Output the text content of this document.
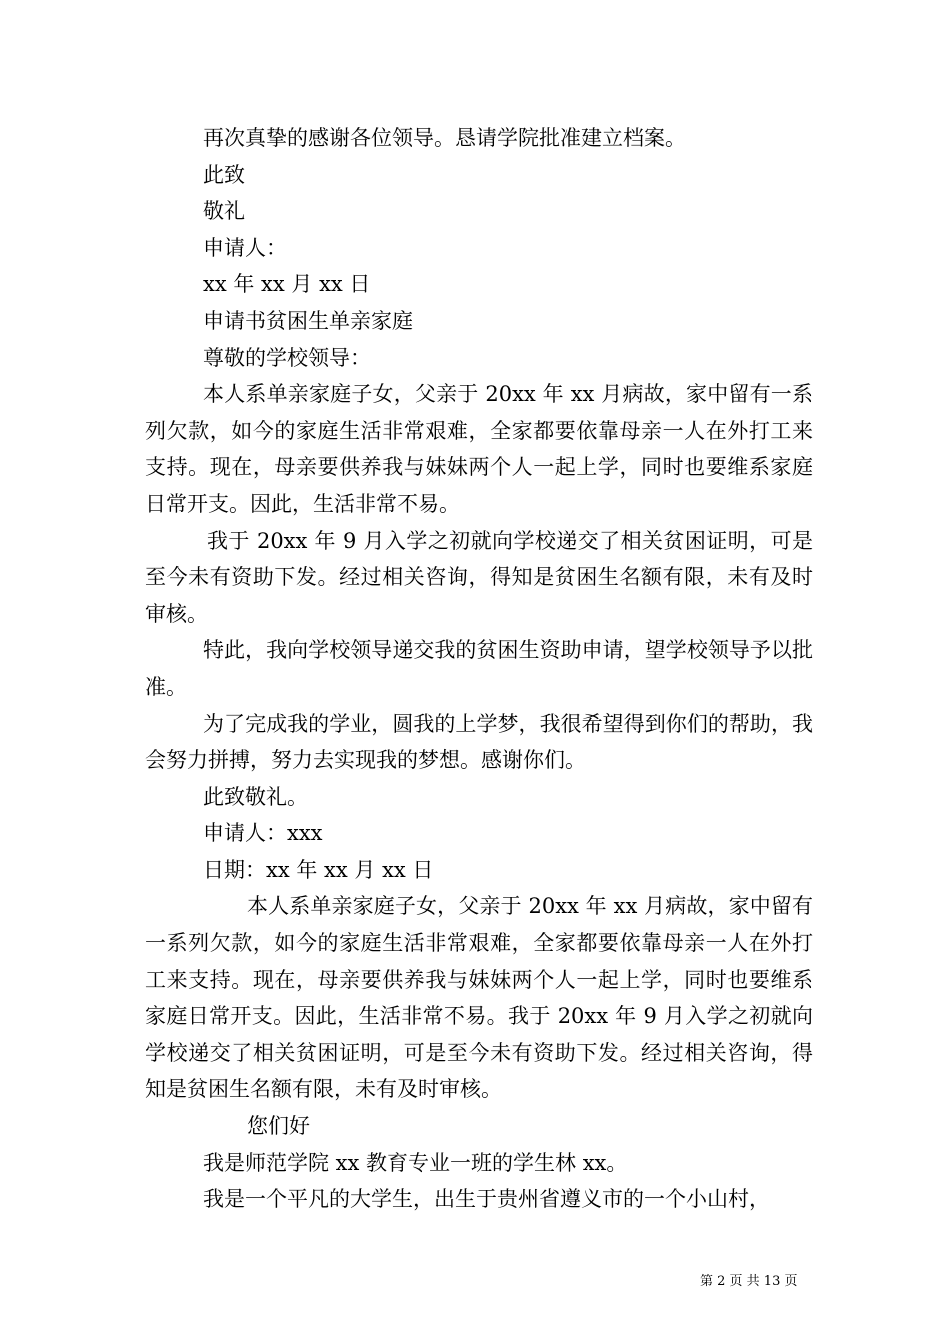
再次真挚的感谢各位领导。恳请学院批准建立档案。

此致

敬礼

申请人：

xx 年 xx 月 xx 日

申请书贫困生单亲家庭

尊敬的学校领导：

本人系单亲家庭子女，父亲于 20xx 年 xx 月病故，家中留有一系列欠款，如今的家庭生活非常艰难，全家都要依靠母亲一人在外打工来支持。现在，母亲要供养我与妹妹两个人一起上学，同时也要维系家庭日常开支。因此，生活非常不易。

我于 20xx 年 9 月入学之初就向学校递交了相关贫困证明，可是至今未有资助下发。经过相关咨询，得知是贫困生名额有限，未有及时审核。

特此，我向学校领导递交我的贫困生资助申请，望学校领导予以批准。

为了完成我的学业，圆我的上学梦，我很希望得到你们的帮助，我会努力拼搏，努力去实现我的梦想。感谢你们。

此致敬礼。

申请人：xxx

日期：xx 年 xx 月 xx 日

本人系单亲家庭子女，父亲于 20xx 年 xx 月病故，家中留有一系列欠款，如今的家庭生活非常艰难，全家都要依靠母亲一人在外打工来支持。现在，母亲要供养我与妹妹两个人一起上学，同时也要维系家庭日常开支。因此，生活非常不易。我于 20xx 年 9 月入学之初就向学校递交了相关贫困证明，可是至今未有资助下发。经过相关咨询，得知是贫困生名额有限，未有及时审核。

您们好

我是师范学院 xx 教育专业一班的学生林 xx。

我是一个平凡的大学生，出生于贵州省遵义市的一个小山村，

第 2 页 共 13 页
